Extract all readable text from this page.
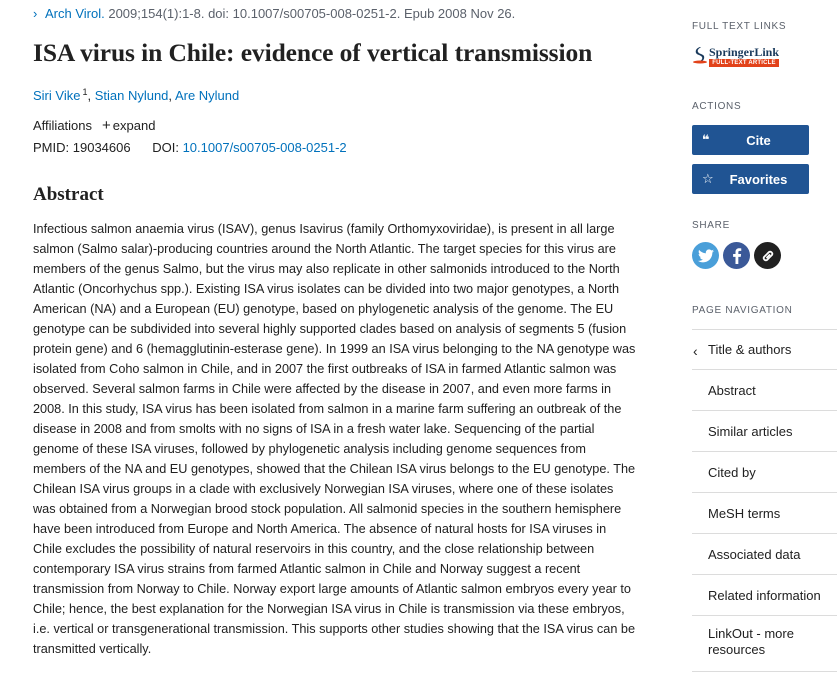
› Arch Virol. 2009;154(1):1-8. doi: 10.1007/s00705-008-0251-2. Epub 2008 Nov 26.
ISA virus in Chile: evidence of vertical transmission
Siri Vike $^1$, Stian Nylund, Are Nylund
Affiliations + expand
PMID: 19034606 DOI: 10.1007/s00705-008-0251-2
Abstract

Infectious salmon anaemia virus (ISAV), genus Isavirus (family Orthomyxoviridae), is present in all large salmon (Salmo salar)-producing countries around the North Atlantic. The target species for this virus are members of the genus Salmo, but the virus may also replicate in other salmonids introduced to the North Atlantic (Oncorhychus spp.). Existing ISA virus isolates can be divided into two major genotypes, a North American (NA) and a European (EU) genotype, based on phylogenetic analysis of the genome. The EU genotype can be subdivided into several highly supported clades based on analysis of segments 5 (fusion protein gene) and 6 (hemagglutinin-esterase gene). In 1999 an ISA virus belonging to the NA genotype was isolated from Coho salmon in Chile, and in 2007 the first outbreaks of ISA in farmed Atlantic salmon was observed. Several salmon farms in Chile were affected by the disease in 2007, and even more farms in 2008. In this study, ISA virus has been isolated from salmon in a marine farm suffering an outbreak of the disease in 2008 and from smolts with no signs of ISA in a fresh water lake. Sequencing of the partial genome of these ISA viruses, followed by phylogenetic analysis including genome sequences from members of the NA and EU genotypes, showed that the Chilean ISA virus belongs to the EU genotype. The Chilean ISA virus groups in a clade with exclusively Norwegian ISA viruses, where one of these isolates was obtained from a Norwegian brood stock population. All salmonid species in the southern hemisphere have been introduced from Europe and North America. The absence of natural hosts for ISA viruses in Chile excludes the possibility of natural reservoirs in this country, and the close relationship between contemporary ISA virus strains from farmed Atlantic salmon in Chile and Norway suggest a recent transmission from Norway to Chile. Norway export large amounts of Atlantic salmon embryos every year to Chile; hence, the best explanation for the Norwegian ISA virus in Chile is transmission via these embryos, i.e. vertical or transgenerational transmission. This supports other studies showing that the ISA virus can be transmitted vertically.

FULL TEXT LINKS
SpringerLink
FULL-TEXT ARTICLE
ACTIONS
❝	Cite
☆	Favorites
SHARE
PAGE NAVIGATION
‹ Title & authors
Abstract
Similar articles
Cited by
MeSH terms
Associated data
Related information
LinkOut - more resources
